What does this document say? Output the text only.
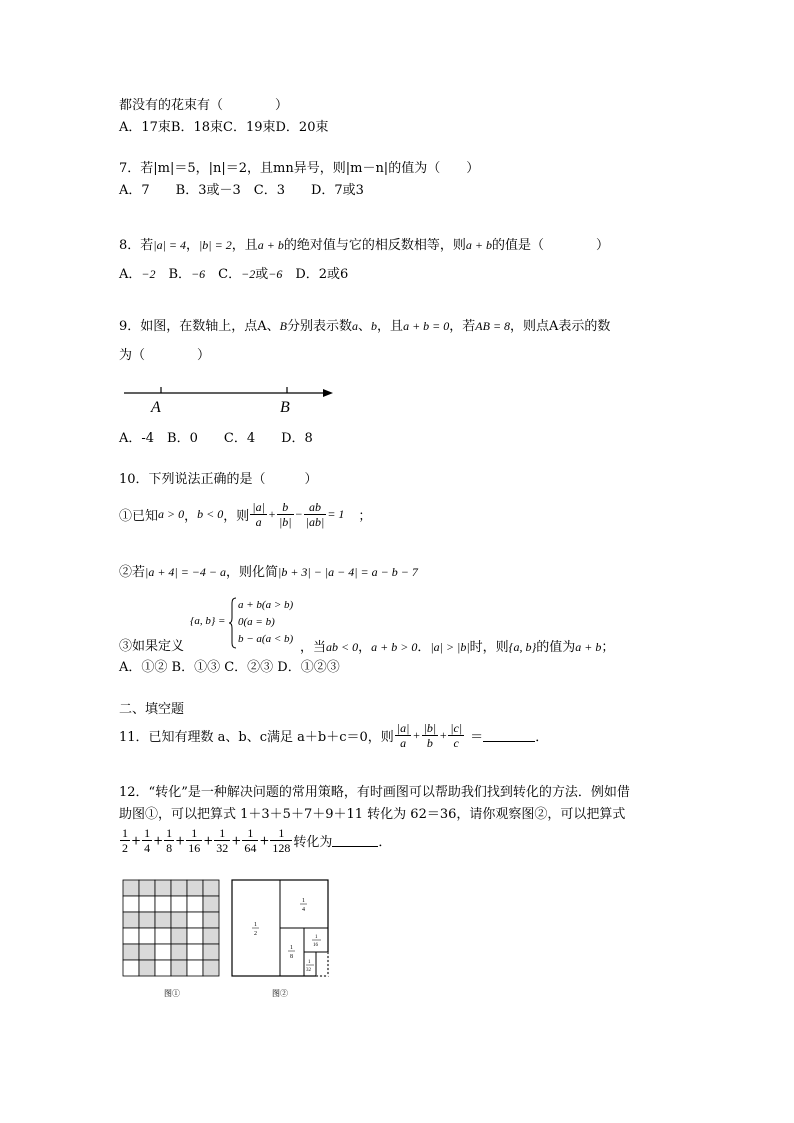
都没有的花束有（　　　　）
A．17束B．18束C．19束D．20束
7．若|m|＝5，|n|＝2，且mn异号，则|m－n|的值为（　　）
A．7　　B．3或－3　C．3　　D．7或3
8．若|a| = 4，|b| = 2，且a + b的绝对值与它的相反数相等，则a + b的值是（　　　　）
A．−2　B．−6　C．−2或−6　D．2或6
9．如图，在数轴上，点A、B分别表示数a、b，且a + b = 0，若AB = 8，则点A表示的数
为（　　　　）
A	B
A．-4　B．0　　C．4　　D．8
10．下列说法正确的是（　　　）
①已知a > 0，b < 0，则 $\frac{|a|}{a} + \frac{b}{|b|} - \frac{ab}{|ab|} = 1$ ；
②若|a + 4| = −4 − a，则化简|b + 3| − |a − 4| = a − b − 7
③如果定义
{a, b} =
a + b(a > b)
0(a = b)
b − a(a < b)
，当ab < 0，a + b > 0．|a| > |b|时，则{a, b}的值为a + b；
A．①② B．①③ C．②③ D．①②③
二、填空题
11．已知有理数 a、b、c满足 a＋b＋c＝0，则 $\frac{|a|}{a} + \frac{|b|}{b} + \frac{|c|}{c}$ ＝	．
12．“转化”是一种解决问题的常用策略，有时画图可以帮助我们找到转化的方法．例如借
助图①，可以把算式 1＋3＋5＋7＋9＋11 转化为 62＝36，请你观察图②，可以把算式
$\frac{1}{2} + \frac{1}{4} + \frac{1}{8} + \frac{1}{16} + \frac{1}{32} + \frac{1}{64} + \frac{1}{128}$ 转化为	．
图①
1
2
1
4
1
8
1
16
1
32
图②
